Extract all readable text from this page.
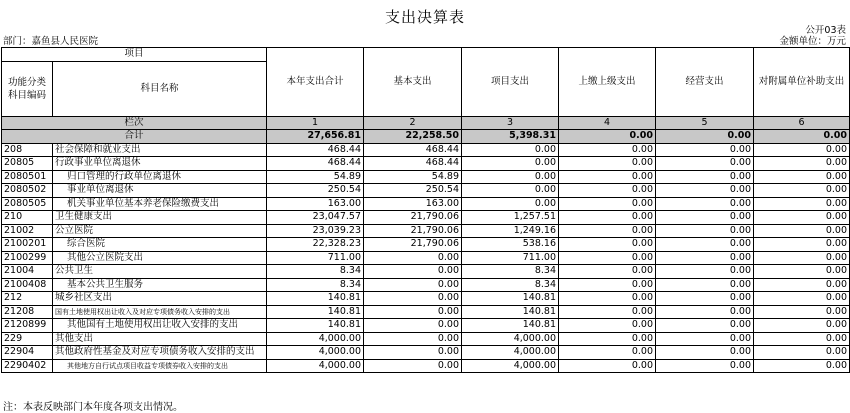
支出决算表
公开03表
部门：嘉鱼县人民医院	金额单位：万元
项目		本年支出合计	基本支出	项目支出	上缴上级支出	经营支出	对附属单位补助支出
功能分类科目编码	科目名称						

栏次		1	2	3	4	5	6
合计		27,656.81	22,258.50	5,398.31	0.00	0.00	0.00
208	社会保障和就业支出	468.44	468.44	0.00	0.00	0.00	0.00
20805	行政事业单位离退休	468.44	468.44	0.00	0.00	0.00	0.00
2080501	归口管理的行政单位离退休	54.89	54.89	0.00	0.00	0.00	0.00
2080502	事业单位离退休	250.54	250.54	0.00	0.00	0.00	0.00
2080505	机关事业单位基本养老保险缴费支出	163.00	163.00	0.00	0.00	0.00	0.00
210	卫生健康支出	23,047.57	21,790.06	1,257.51	0.00	0.00	0.00
21002	公立医院	23,039.23	21,790.06	1,249.16	0.00	0.00	0.00
2100201	综合医院	22,328.23	21,790.06	538.16	0.00	0.00	0.00
2100299	其他公立医院支出	711.00	0.00	711.00	0.00	0.00	0.00
21004	公共卫生	8.34	0.00	8.34	0.00	0.00	0.00
2100408	基本公共卫生服务	8.34	0.00	8.34	0.00	0.00	0.00
212	城乡社区支出	140.81	0.00	140.81	0.00	0.00	0.00
21208	国有土地使用权出让收入及对应专项债务收入安排的支出	140.81	0.00	140.81	0.00	0.00	0.00
2120899	其他国有土地使用权出让收入安排的支出	140.81	0.00	140.81	0.00	0.00	0.00
229	其他支出	4,000.00	0.00	4,000.00	0.00	0.00	0.00
22904	其他政府性基金及对应专项债务收入安排的支出	4,000.00	0.00	4,000.00	0.00	0.00	0.00
2290402	其他地方自行试点项目收益专项债券收入安排的支出	4,000.00	0.00	4,000.00	0.00	0.00	0.00
注：本表反映部门本年度各项支出情况。
